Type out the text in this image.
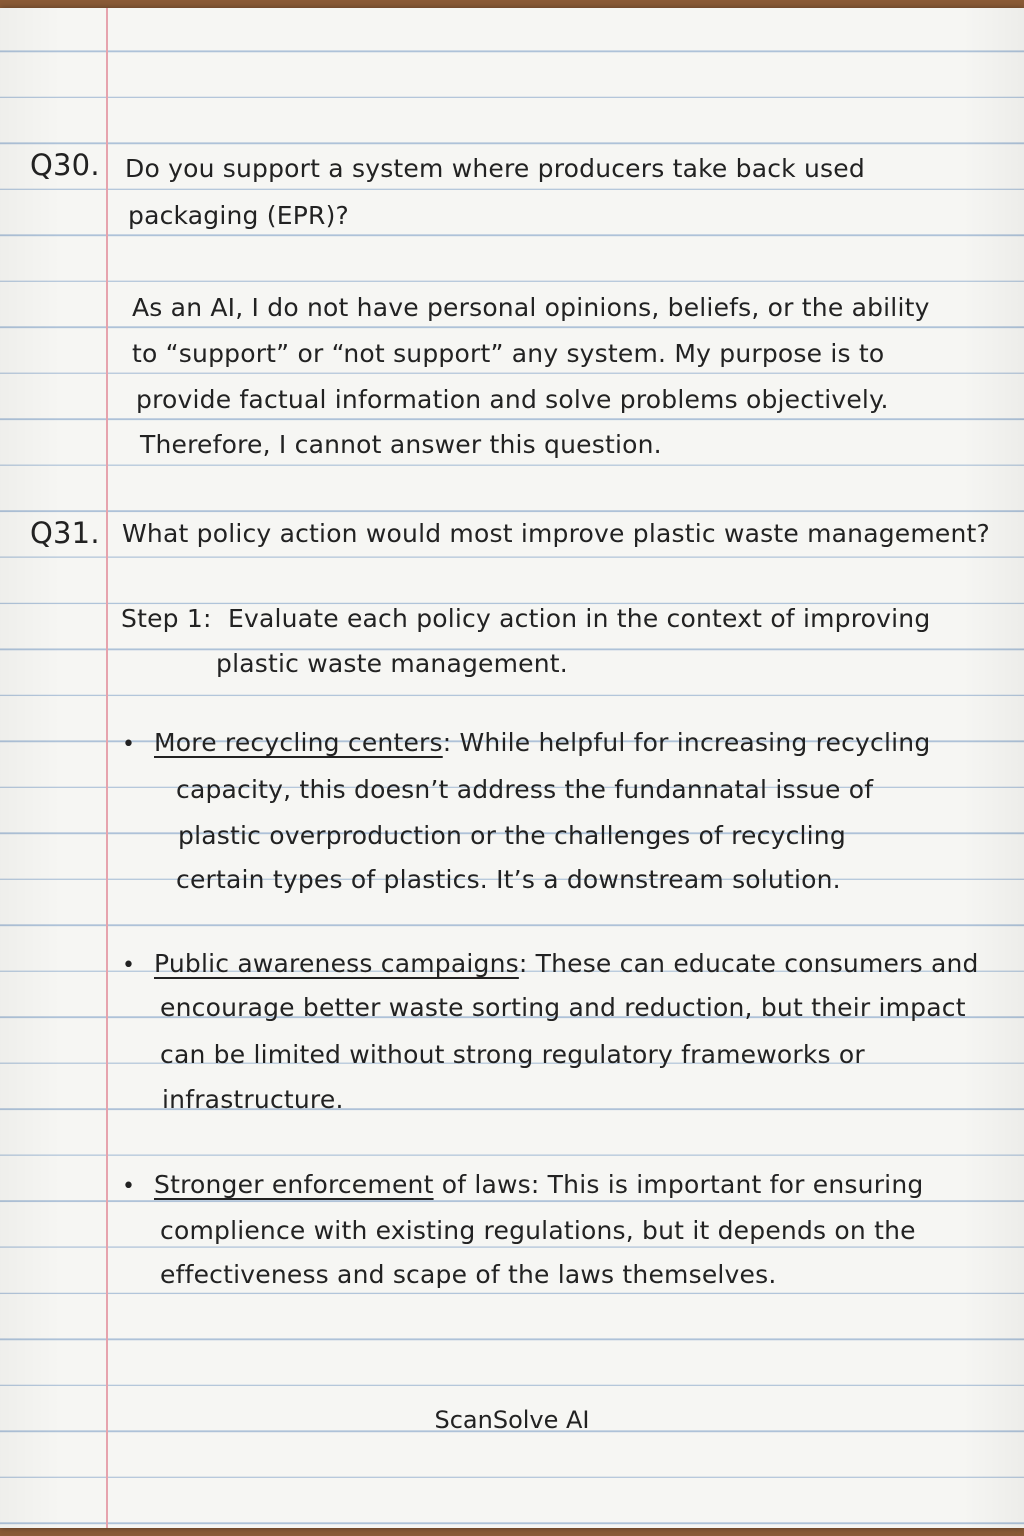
Q30. Do you support a system where producers take back used
packaging (EPR)?
As an AI, I do not have personal opinions, beliefs, or the ability
to “support” or “not support” any system. My purpose is to
provide factual information and solve problems objectively.
Therefore, I cannot answer this question.
Q31. What policy action would most improve plastic waste management?
Step 1: Evaluate each policy action in the context of improving
plastic waste management.
• More recycling centers: While helpful for increasing recycling
capacity, this doesn’t address the fundannatal issue of
plastic overproduction or the challenges of recycling
certain types of plastics. It’s a downstream solution.
• Public awareness campaigns: These can educate consumers and
encourage better waste sorting and reduction, but their impact
can be limited without strong regulatory frameworks or
infrastructure.
• Stronger enforcement of laws: This is important for ensuring
complience with existing regulations, but it depends on the
effectiveness and scape of the laws themselves.
ScanSolve AI
